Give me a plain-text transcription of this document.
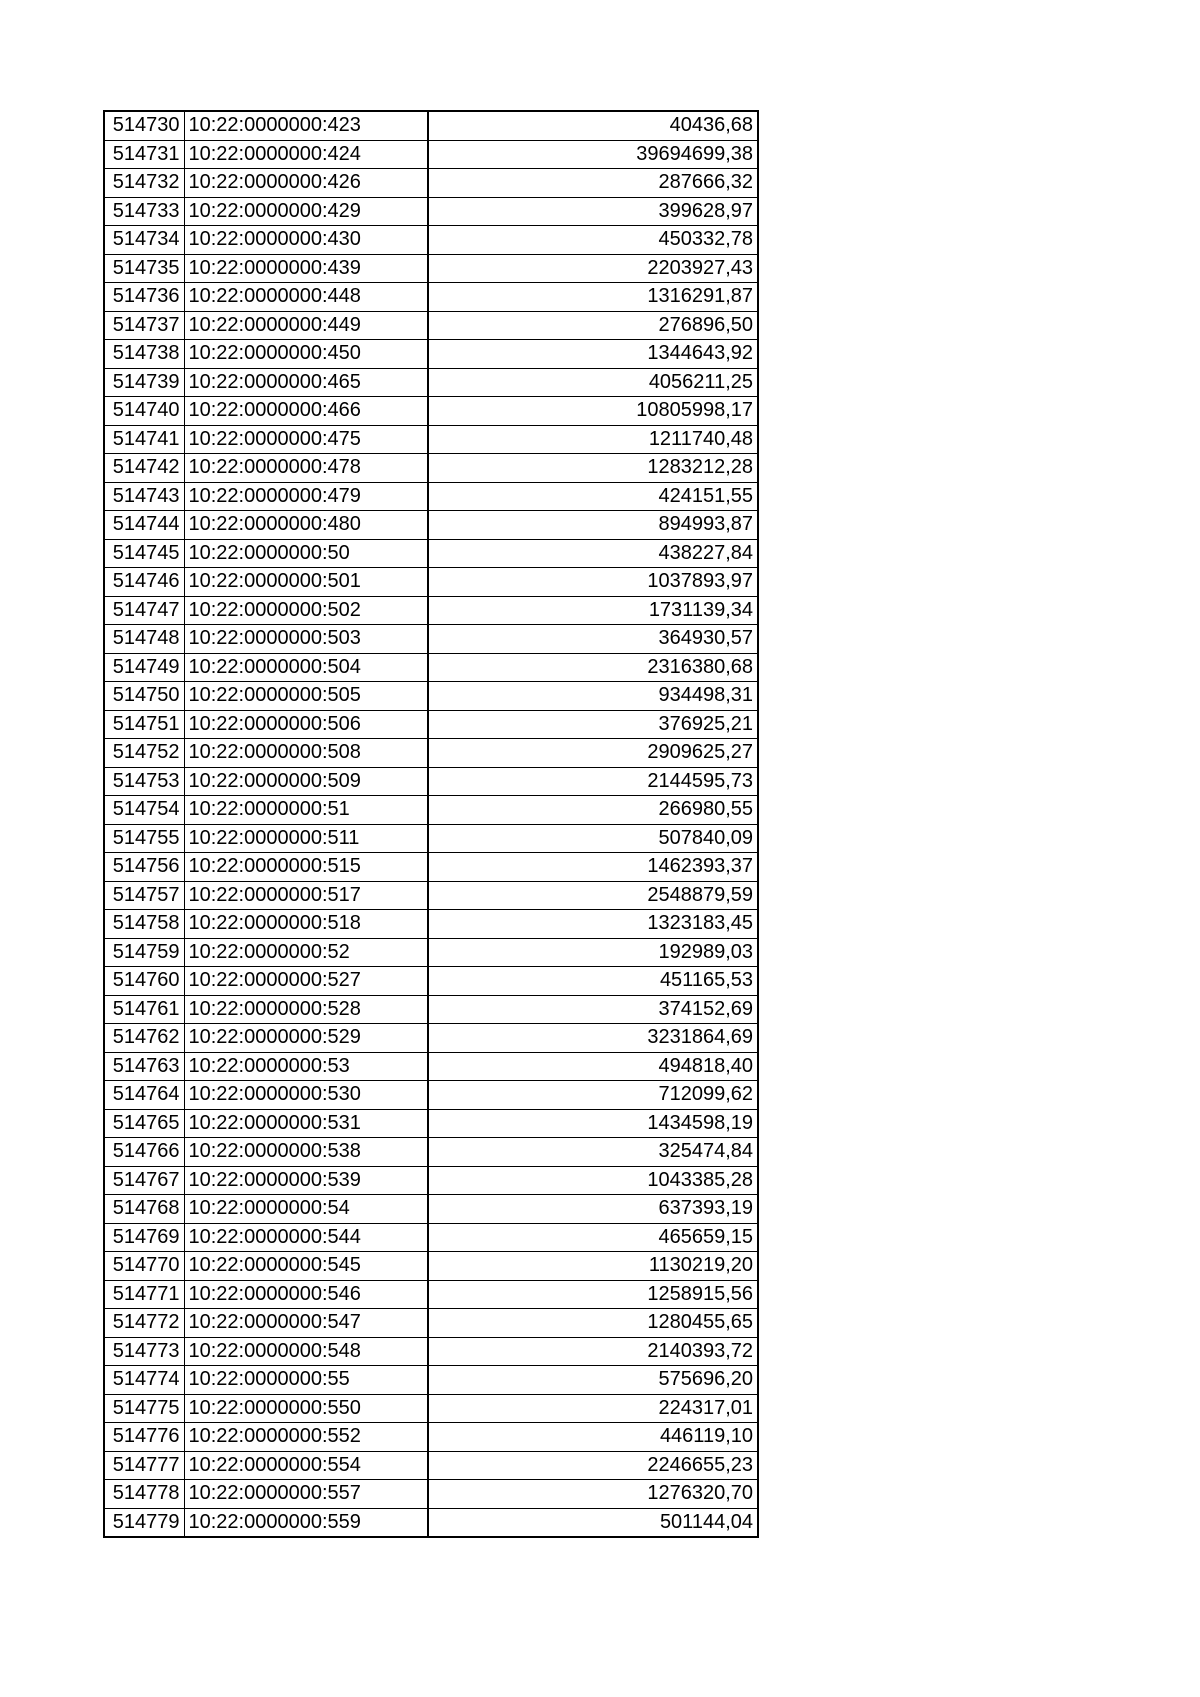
514730	10:22:0000000:423	40436,68
514731	10:22:0000000:424	39694699,38
514732	10:22:0000000:426	287666,32
514733	10:22:0000000:429	399628,97
514734	10:22:0000000:430	450332,78
514735	10:22:0000000:439	2203927,43
514736	10:22:0000000:448	1316291,87
514737	10:22:0000000:449	276896,50
514738	10:22:0000000:450	1344643,92
514739	10:22:0000000:465	4056211,25
514740	10:22:0000000:466	10805998,17
514741	10:22:0000000:475	1211740,48
514742	10:22:0000000:478	1283212,28
514743	10:22:0000000:479	424151,55
514744	10:22:0000000:480	894993,87
514745	10:22:0000000:50	438227,84
514746	10:22:0000000:501	1037893,97
514747	10:22:0000000:502	1731139,34
514748	10:22:0000000:503	364930,57
514749	10:22:0000000:504	2316380,68
514750	10:22:0000000:505	934498,31
514751	10:22:0000000:506	376925,21
514752	10:22:0000000:508	2909625,27
514753	10:22:0000000:509	2144595,73
514754	10:22:0000000:51	266980,55
514755	10:22:0000000:511	507840,09
514756	10:22:0000000:515	1462393,37
514757	10:22:0000000:517	2548879,59
514758	10:22:0000000:518	1323183,45
514759	10:22:0000000:52	192989,03
514760	10:22:0000000:527	451165,53
514761	10:22:0000000:528	374152,69
514762	10:22:0000000:529	3231864,69
514763	10:22:0000000:53	494818,40
514764	10:22:0000000:530	712099,62
514765	10:22:0000000:531	1434598,19
514766	10:22:0000000:538	325474,84
514767	10:22:0000000:539	1043385,28
514768	10:22:0000000:54	637393,19
514769	10:22:0000000:544	465659,15
514770	10:22:0000000:545	1130219,20
514771	10:22:0000000:546	1258915,56
514772	10:22:0000000:547	1280455,65
514773	10:22:0000000:548	2140393,72
514774	10:22:0000000:55	575696,20
514775	10:22:0000000:550	224317,01
514776	10:22:0000000:552	446119,10
514777	10:22:0000000:554	2246655,23
514778	10:22:0000000:557	1276320,70
514779	10:22:0000000:559	501144,04
